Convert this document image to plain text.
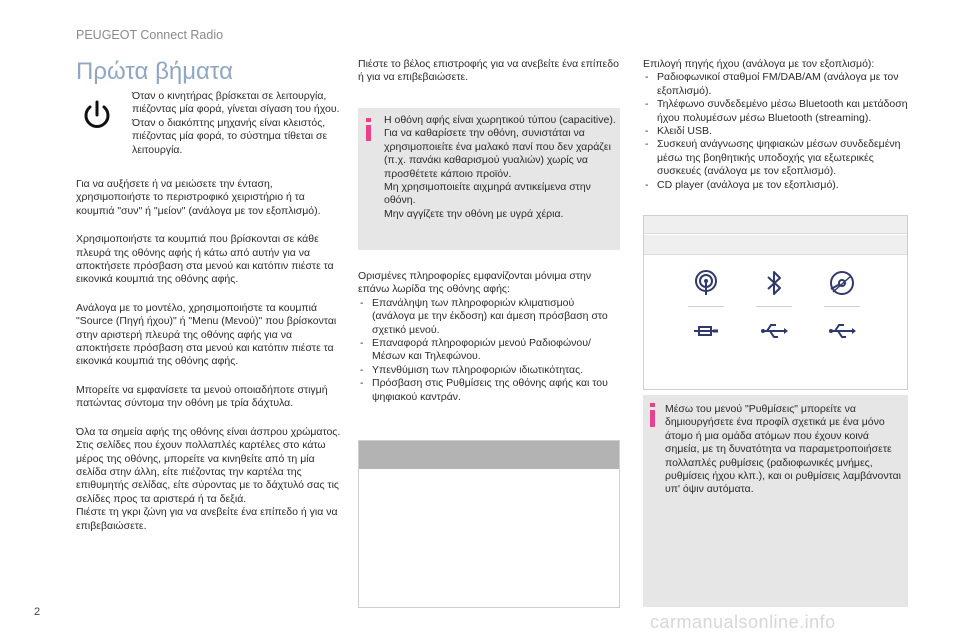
PEUGEOT Connect Radio
Πρώτα βήματα
Όταν ο κινητήρας βρίσκεται σε λειτουργία, πιέζοντας μία φορά, γίνεται σίγαση του ήχου.
Όταν ο διακόπτης μηχανής είναι κλειστός, πιέζοντας μία φορά, το σύστημα τίθεται σε λειτουργία.

Για να αυξήσετε ή να μειώσετε την ένταση, χρησιμοποιήστε το περιστροφικό χειριστήριο ή τα κουμπιά "συν" ή "μείον" (ανάλογα με τον εξοπλισμό).

Χρησιμοποιήστε τα κουμπιά που βρίσκονται σε κάθε πλευρά της οθόνης αφής ή κάτω από αυτήν για να αποκτήσετε πρόσβαση στα μενού και κατόπιν πιέστε τα εικονικά κουμπιά της οθόνης αφής.

Ανάλογα με το μοντέλο, χρησιμοποιήστε τα κουμπιά "Source (Πηγή ήχου)" ή "Menu (Μενού)" που βρίσκονται στην αριστερή πλευρά της οθόνης αφής για να αποκτήσετε πρόσβαση στα μενού και κατόπιν πιέστε τα εικονικά κουμπιά της οθόνης αφής.

Μπορείτε να εμφανίσετε τα μενού οποιαδήποτε στιγμή πατώντας σύντομα την οθόνη με τρία δάχτυλα.

Όλα τα σημεία αφής της οθόνης είναι άσπρου χρώματος.
Στις σελίδες που έχουν πολλαπλές καρτέλες στο κάτω μέρος της οθόνης, μπορείτε να κινηθείτε από τη μία σελίδα στην άλλη, είτε πιέζοντας την καρτέλα της επιθυμητής σελίδας, είτε σύροντας με το δάχτυλό σας τις σελίδες προς τα αριστερά ή τα δεξιά.
Πιέστε τη γκρι ζώνη για να ανεβείτε ένα επίπεδο ή για να επιβεβαιώσετε.

Πιέστε το βέλος επιστροφής για να ανεβείτε ένα επίπεδο ή για να επιβεβαιώσετε.
Η οθόνη αφής είναι χωρητικού τύπου (capacitive).
Για να καθαρίσετε την οθόνη, συνιστάται να χρησιμοποιείτε ένα μαλακό πανί που δεν χαράζει (π.χ. πανάκι καθαρισμού γυαλιών) χωρίς να προσθέτετε κάποιο προϊόν.
Μη χρησιμοποιείτε αιχμηρά αντικείμενα στην οθόνη.
Μην αγγίζετε την οθόνη με υγρά χέρια.
Ορισμένες πληροφορίες εμφανίζονται μόνιμα στην επάνω λωρίδα της οθόνης αφής:
- Επανάληψη των πληροφοριών κλιματισμού (ανάλογα με την έκδοση) και άμεση πρόσβαση στο σχετικό μενού.
- Επαναφορά πληροφοριών μενού Ραδιοφώνου/Μέσων και Τηλεφώνου.
- Υπενθύμιση των πληροφοριών ιδιωτικότητας.
- Πρόσβαση στις Ρυθμίσεις της οθόνης αφής και του ψηφιακού καντράν.
Επιλογή πηγής ήχου (ανάλογα με τον εξοπλισμό):
- Ραδιοφωνικοί σταθμοί FM/DAB/AM (ανάλογα με τον εξοπλισμό).
- Τηλέφωνο συνδεδεμένο μέσω Bluetooth και μετάδοση ήχου πολυμέσων μέσω Bluetooth (streaming).
- Κλειδί USB.
- Συσκευή ανάγνωσης ψηφιακών μέσων συνδεδεμένη μέσω της βοηθητικής υποδοχής για εξωτερικές συσκευές (ανάλογα με τον εξοπλισμό).
- CD player (ανάλογα με τον εξοπλισμό).
Μέσω του μενού "Ρυθμίσεις" μπορείτε να δημιουργήσετε ένα προφίλ σχετικά με ένα μόνο άτομο ή μια ομάδα ατόμων που έχουν κοινά σημεία, με τη δυνατότητα να παραμετροποιήσετε πολλαπλές ρυθμίσεις (ραδιοφωνικές μνήμες, ρυθμίσεις ήχου κλπ.), και οι ρυθμίσεις λαμβάνονται υπ' όψιν αυτόματα.
2	carmanualsonline.info
